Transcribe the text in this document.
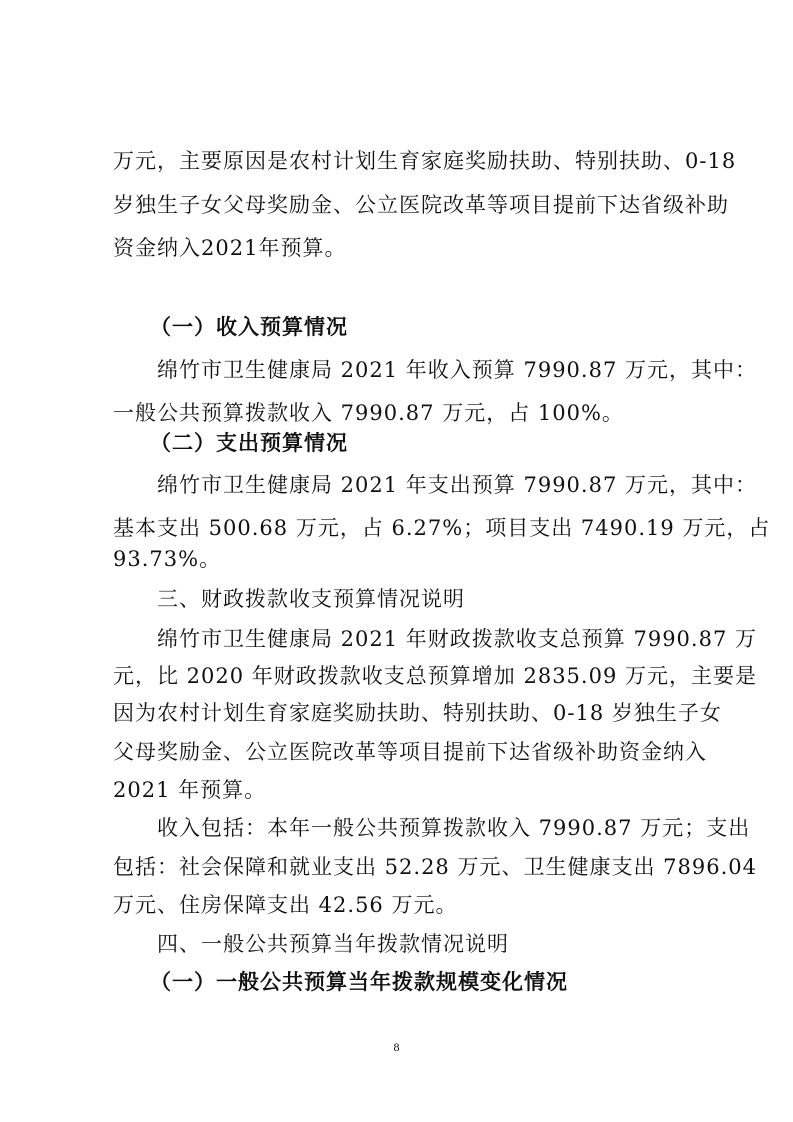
万元，主要原因是农村计划生育家庭奖励扶助、特别扶助、0-18
岁独生子女父母奖励金、公立医院改革等项目提前下达省级补助
资金纳入2021年预算。
（一）收入预算情况
绵竹市卫生健康局 2021 年收入预算 7990.87 万元，其中：
一般公共预算拨款收入 7990.87 万元，占 100%。
（二）支出预算情况
绵竹市卫生健康局 2021 年支出预算 7990.87 万元，其中：
基本支出 500.68 万元，占 6.27%；项目支出 7490.19 万元，占
93.73%。
三、财政拨款收支预算情况说明
绵竹市卫生健康局 2021 年财政拨款收支总预算 7990.87 万
元，比 2020 年财政拨款收支总预算增加 2835.09 万元，主要是
因为农村计划生育家庭奖励扶助、特别扶助、0-18 岁独生子女
父母奖励金、公立医院改革等项目提前下达省级补助资金纳入
2021 年预算。
收入包括：本年一般公共预算拨款收入 7990.87 万元；支出
包括：社会保障和就业支出 52.28 万元、卫生健康支出 7896.04
万元、住房保障支出 42.56 万元。
四、一般公共预算当年拨款情况说明
（一）一般公共预算当年拨款规模变化情况
8
